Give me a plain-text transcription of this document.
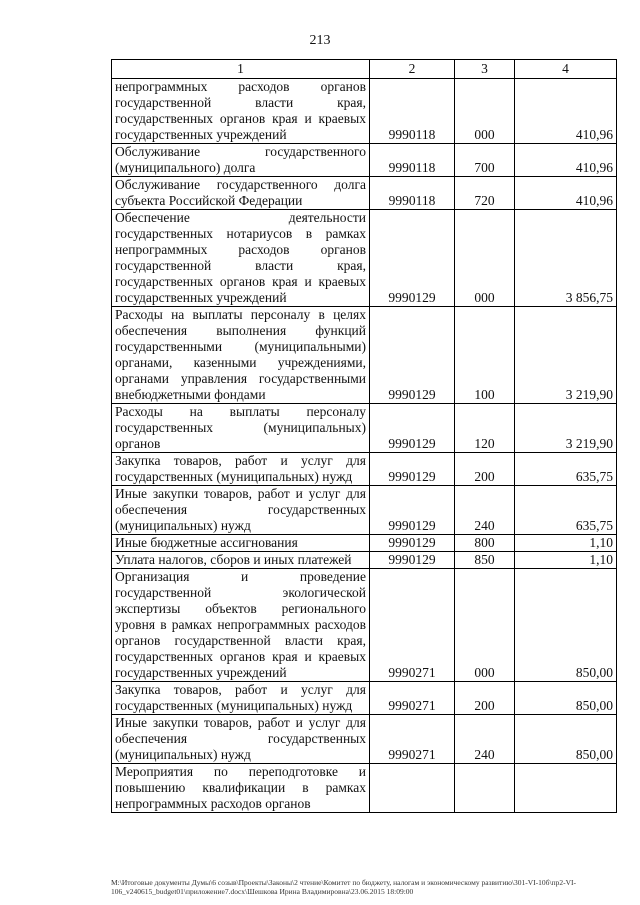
213
1	2	3	4
непрограммных расходов органов государственной власти края, государственных органов края и краевых государственных учреждений	9990118	000	410,96
Обслуживание государственного (муниципального) долга	9990118	700	410,96
Обслуживание государственного долга субъекта Российской Федерации	9990118	720	410,96
Обеспечение деятельности государственных нотариусов в рамках непрограммных расходов органов государственной власти края, государственных органов края и краевых государственных учреждений	9990129	000	3 856,75
Расходы на выплаты персоналу в целях обеспечения выполнения функций государственными (муниципальными) органами, казенными учреждениями, органами управления государственными внебюджетными фондами	9990129	100	3 219,90
Расходы на выплаты персоналу государственных (муниципальных) органов	9990129	120	3 219,90
Закупка товаров, работ и услуг для государственных (муниципальных) нужд	9990129	200	635,75
Иные закупки товаров, работ и услуг для обеспечения государственных (муниципальных) нужд	9990129	240	635,75
Иные бюджетные ассигнования	9990129	800	1,10
Уплата налогов, сборов и иных платежей	9990129	850	1,10
Организация и проведение государственной экологической экспертизы объектов регионального уровня в рамках непрограммных расходов органов государственной власти края, государственных органов края и краевых государственных учреждений	9990271	000	850,00
Закупка товаров, работ и услуг для государственных (муниципальных) нужд	9990271	200	850,00
Иные закупки товаров, работ и услуг для обеспечения государственных (муниципальных) нужд	9990271	240	850,00
Мероприятия по переподготовке и повышению квалификации в рамках непрограммных расходов органов			
M:\Итоговые документы Думы\6 созыв\Проекты\Законы\2 чтение\Комитет по бюджету, налогам и экономическому развитию\301-VI-10б\пр2-VI-106_v240615_budget01\приложение7.docx\Шешкова Ирина Владимировна\23.06.2015 18:09:00
